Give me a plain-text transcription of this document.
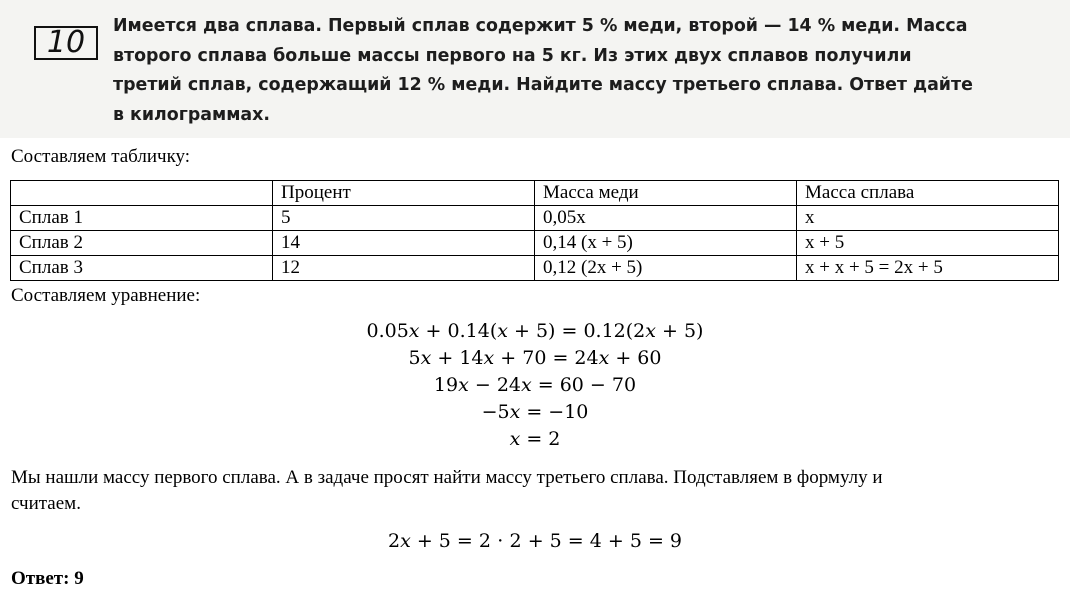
10	Имеется два сплава. Первый сплав содержит 5 % меди, второй — 14 % меди. Масса
второго сплава больше массы первого на 5 кг. Из этих двух сплавов получили
третий сплав, содержащий 12 % меди. Найдите массу третьего сплава. Ответ дайте
в килограммах.
Составляем табличку:
	Процент	Масса меди	Масса сплава
Сплав 1	5	0,05x	x
Сплав 2	14	0,14 (x + 5)	x + 5
Сплав 3	12	0,12 (2x + 5)	x + x + 5 = 2x + 5
Составляем уравнение:
0.05𝑥 + 0.14(𝑥 + 5) = 0.12(2𝑥 + 5)
5𝑥 + 14𝑥 + 70 = 24𝑥 + 60
19𝑥 − 24𝑥 = 60 − 70
−5𝑥 = −10
𝑥 = 2
Мы нашли массу первого сплава. А в задаче просят найти массу третьего сплава. Подставляем в формулу и
считаем.
2𝑥 + 5 = 2 ⋅ 2 + 5 = 4 + 5 = 9
Ответ: 9
